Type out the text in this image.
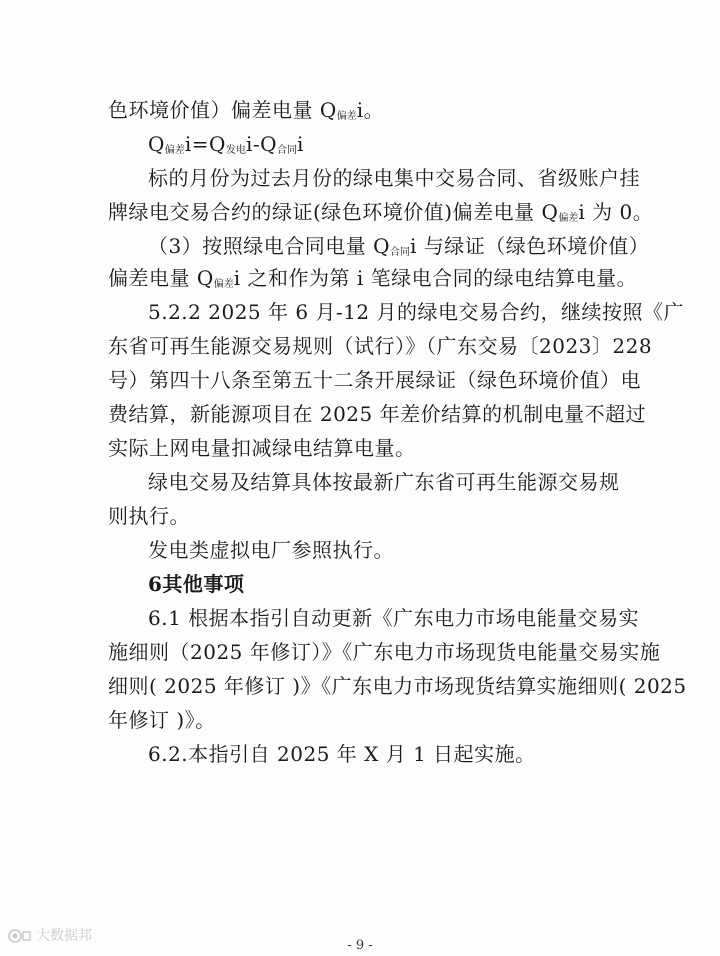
色环境价值）偏差电量 $Q_{偏差}i$。
$Q_{偏差}i=Q_{发电}i-Q_{合同}i$
标的月份为过去月份的绿电集中交易合同、省级账户挂
牌绿电交易合约的绿证(绿色环境价值)偏差电量 $Q_{偏差}i$ 为 0。
（3）按照绿电合同电量 $Q_{合同}i$ 与绿证（绿色环境价值）
偏差电量 $Q_{偏差}i$ 之和作为第 i 笔绿电合同的绿电结算电量。
5.2.2 2025 年 6 月-12 月的绿电交易合约，继续按照《广
东省可再生能源交易规则（试行）》（广东交易〔2023〕228
号）第四十八条至第五十二条开展绿证（绿色环境价值）电
费结算，新能源项目在 2025 年差价结算的机制电量不超过
实际上网电量扣减绿电结算电量。
绿电交易及结算具体按最新广东省可再生能源交易规
则执行。
发电类虚拟电厂参照执行。
6其他事项
6.1 根据本指引自动更新《广东电力市场电能量交易实
施细则（2025 年修订）》《广东电力市场现货电能量交易实施
细则( 2025 年修订 )》《广东电力市场现货结算实施细则( 2025
年修订 )》。
6.2.本指引自 2025 年 X 月 1 日起实施。
大数据邦
- 9 -
